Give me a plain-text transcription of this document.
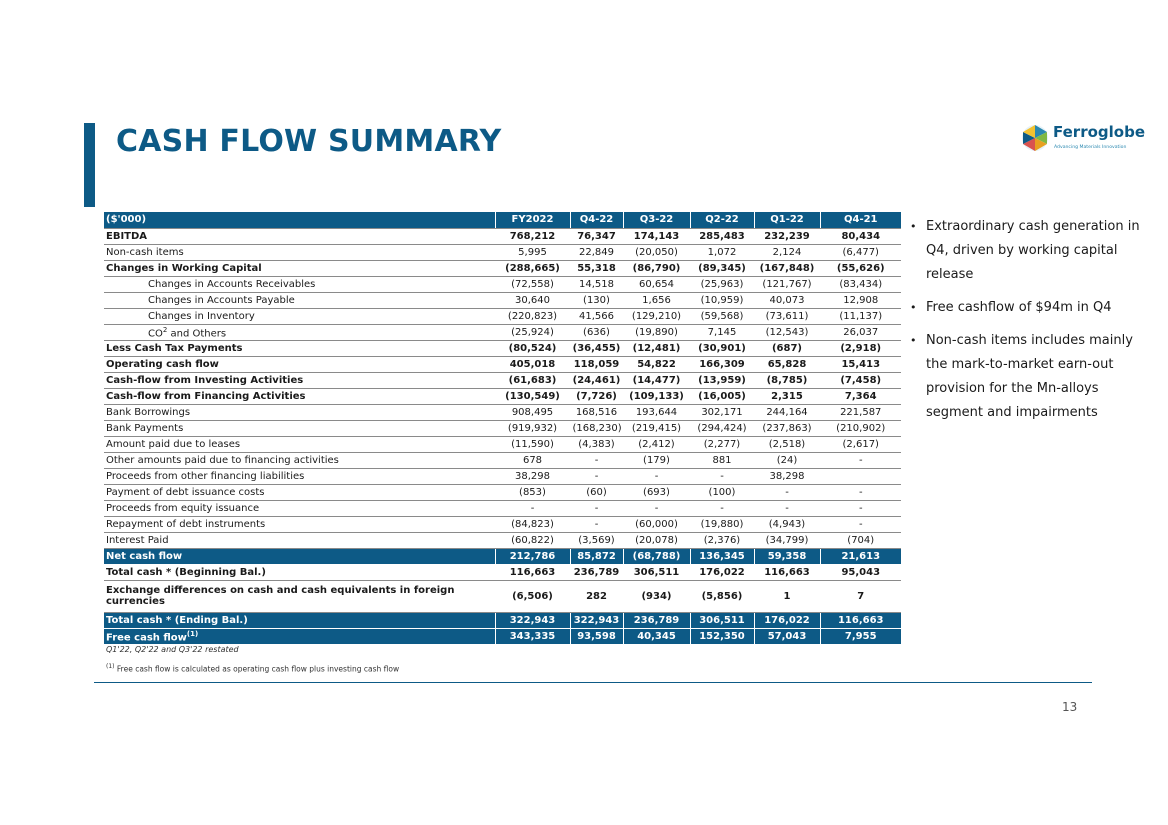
CASH FLOW SUMMARY	Ferroglobe
Advancing Materials Innovation
($'000)	FY2022	Q4-22	Q3-22	Q2-22	Q1-22	Q4-21
EBITDA	768,212	76,347	174,143	285,483	232,239	80,434
Non-cash items	5,995	22,849	(20,050)	1,072	2,124	(6,477)
Changes in Working Capital	(288,665)	55,318	(86,790)	(89,345)	(167,848)	(55,626)
Changes in Accounts Receivables	(72,558)	14,518	60,654	(25,963)	(121,767)	(83,434)
Changes in Accounts Payable	30,640	(130)	1,656	(10,959)	40,073	12,908
Changes in Inventory	(220,823)	41,566	(129,210)	(59,568)	(73,611)	(11,137)
$CO^2$ and Others	(25,924)	(636)	(19,890)	7,145	(12,543)	26,037
Less Cash Tax Payments	(80,524)	(36,455)	(12,481)	(30,901)	(687)	(2,918)
Operating cash flow	405,018	118,059	54,822	166,309	65,828	15,413
Cash-flow from Investing Activities	(61,683)	(24,461)	(14,477)	(13,959)	(8,785)	(7,458)
Cash-flow from Financing Activities	(130,549)	(7,726)	(109,133)	(16,005)	2,315	7,364
Bank Borrowings	908,495	168,516	193,644	302,171	244,164	221,587
Bank Payments	(919,932)	(168,230)	(219,415)	(294,424)	(237,863)	(210,902)
Amount paid due to leases	(11,590)	(4,383)	(2,412)	(2,277)	(2,518)	(2,617)
Other amounts paid due to financing activities	678	-	(179)	881	(24)	-
Proceeds from other financing liabilities	38,298	-	-	-	38,298	
Payment of debt issuance costs	(853)	(60)	(693)	(100)	-	-
Proceeds from equity issuance	-	-	-	-	-	-
Repayment of debt instruments	(84,823)	-	(60,000)	(19,880)	(4,943)	-
Interest Paid	(60,822)	(3,569)	(20,078)	(2,376)	(34,799)	(704)
Net cash flow	212,786	85,872	(68,788)	136,345	59,358	21,613
Total cash * (Beginning Bal.)	116,663	236,789	306,511	176,022	116,663	95,043
Exchange differences on cash and cash equivalents in foreign currencies	(6,506)	282	(934)	(5,856)	1	7
Total cash * (Ending Bal.)	322,943	322,943	236,789	306,511	176,022	116,663
Free cash flow$^{(1)}$	343,335	93,598	40,345	152,350	57,043	7,955
Q1'22, Q2'22 and Q3'22 restated
$^{(1)}$ Free cash flow is calculated as operating cash flow plus investing cash flow
• Extraordinary cash generation in Q4, driven by working capital release
• Free cashflow of $94m in Q4
• Non-cash items includes mainly the mark-to-market earn-out provision for the Mn-alloys segment and impairments
13
